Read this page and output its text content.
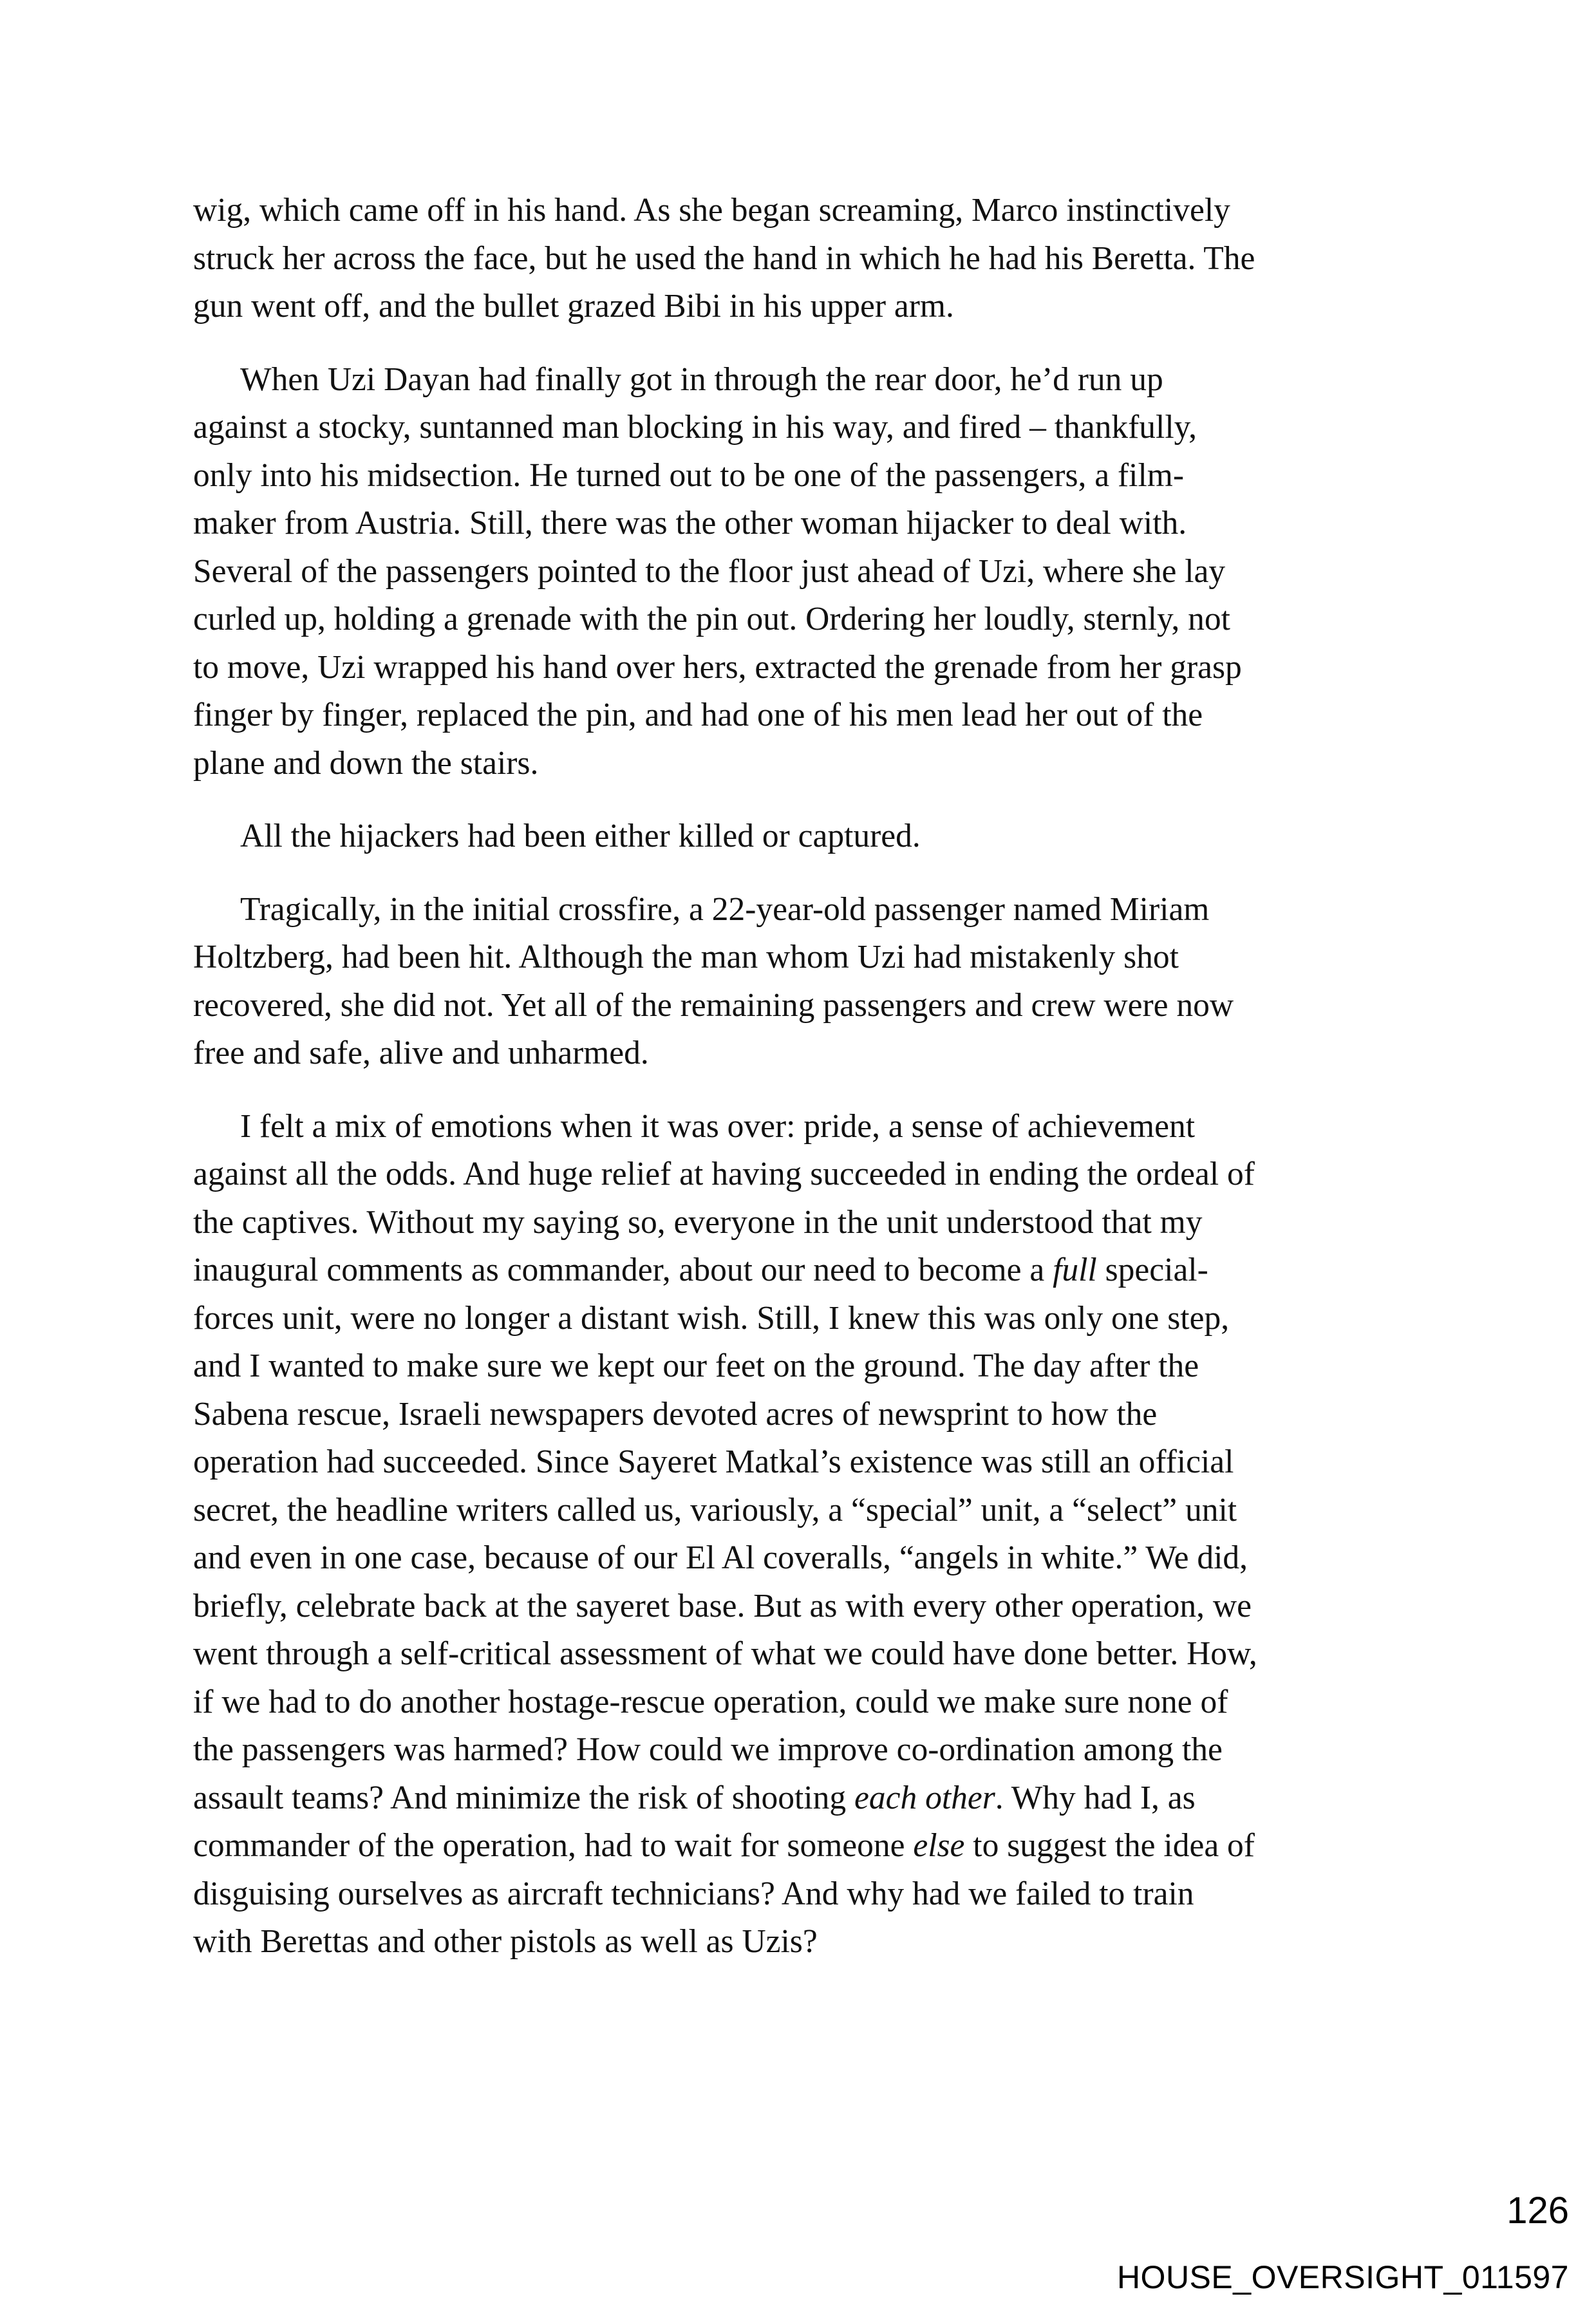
wig, which came off in his hand. As she began screaming, Marco instinctively
struck her across the face, but he used the hand in which he had his Beretta. The
gun went off, and the bullet grazed Bibi in his upper arm.

When Uzi Dayan had finally got in through the rear door, he’d run up
against a stocky, suntanned man blocking in his way, and fired – thankfully,
only into his midsection. He turned out to be one of the passengers, a film-
maker from Austria. Still, there was the other woman hijacker to deal with.
Several of the passengers pointed to the floor just ahead of Uzi, where she lay
curled up, holding a grenade with the pin out. Ordering her loudly, sternly, not
to move, Uzi wrapped his hand over hers, extracted the grenade from her grasp
finger by finger, replaced the pin, and had one of his men lead her out of the
plane and down the stairs.

All the hijackers had been either killed or captured.

Tragically, in the initial crossfire, a 22-year-old passenger named Miriam
Holtzberg, had been hit. Although the man whom Uzi had mistakenly shot
recovered, she did not. Yet all of the remaining passengers and crew were now
free and safe, alive and unharmed.

I felt a mix of emotions when it was over: pride, a sense of achievement
against all the odds. And huge relief at having succeeded in ending the ordeal of
the captives. Without my saying so, everyone in the unit understood that my
inaugural comments as commander, about our need to become a full special-
forces unit, were no longer a distant wish. Still, I knew this was only one step,
and I wanted to make sure we kept our feet on the ground. The day after the
Sabena rescue, Israeli newspapers devoted acres of newsprint to how the
operation had succeeded. Since Sayeret Matkal’s existence was still an official
secret, the headline writers called us, variously, a “special” unit, a “select” unit
and even in one case, because of our El Al coveralls, “angels in white.” We did,
briefly, celebrate back at the sayeret base. But as with every other operation, we
went through a self-critical assessment of what we could have done better. How,
if we had to do another hostage-rescue operation, could we make sure none of
the passengers was harmed? How could we improve co-ordination among the
assault teams? And minimize the risk of shooting each other. Why had I, as
commander of the operation, had to wait for someone else to suggest the idea of
disguising ourselves as aircraft technicians? And why had we failed to train
with Berettas and other pistols as well as Uzis?

126
HOUSE_OVERSIGHT_011597
